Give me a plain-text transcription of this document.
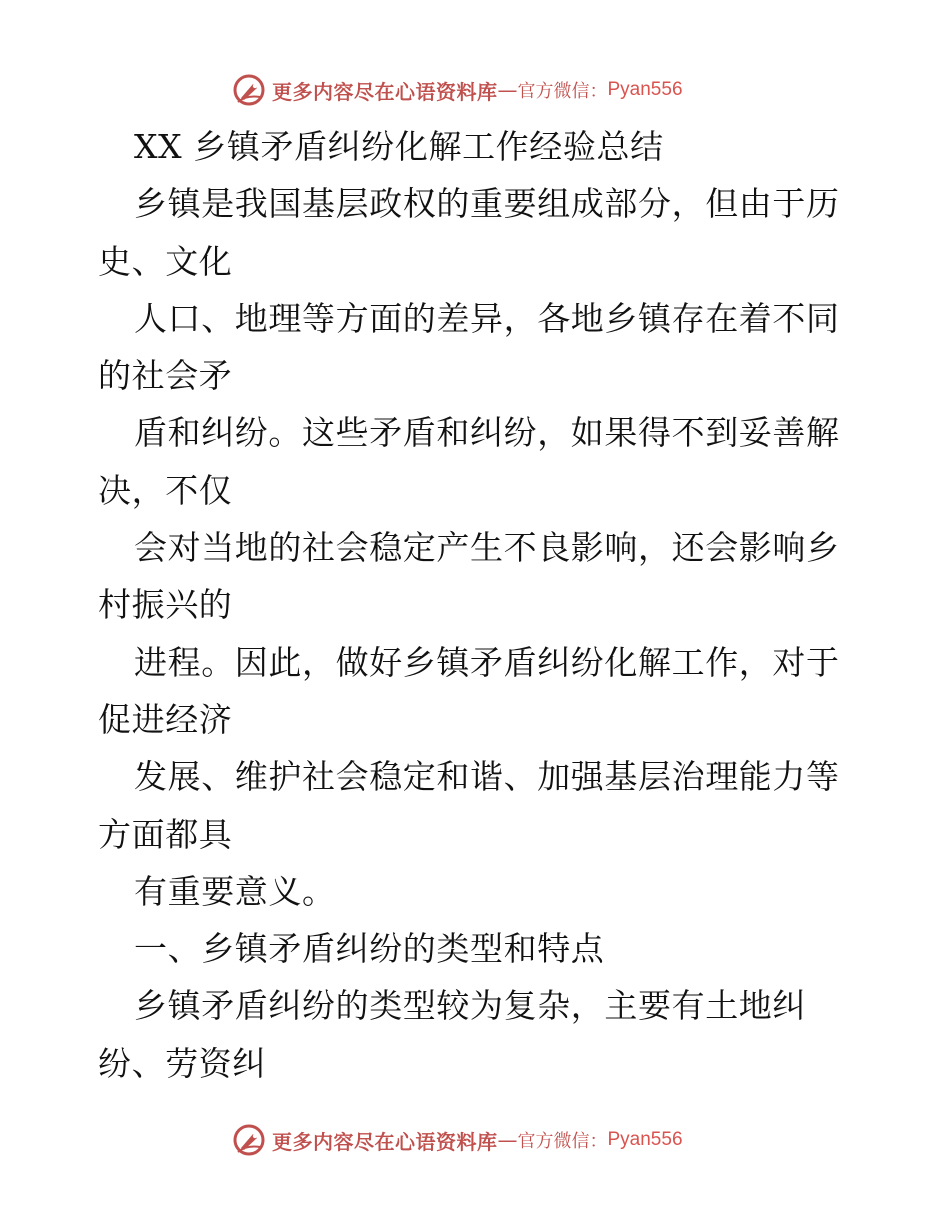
更多内容尽在心语资料库 — 官方微信： Pyan556
XX 乡镇矛盾纠纷化解工作经验总结
乡镇是我国基层政权的重要组成部分，但由于历
史、文化
人口、地理等方面的差异，各地乡镇存在着不同
的社会矛
盾和纠纷。这些矛盾和纠纷，如果得不到妥善解
决，不仅
会对当地的社会稳定产生不良影响，还会影响乡
村振兴的
进程。因此，做好乡镇矛盾纠纷化解工作，对于
促进经济
发展、维护社会稳定和谐、加强基层治理能力等
方面都具
有重要意义。
一、乡镇矛盾纠纷的类型和特点
乡镇矛盾纠纷的类型较为复杂，主要有土地纠
纷、劳资纠
更多内容尽在心语资料库 — 官方微信： Pyan556
